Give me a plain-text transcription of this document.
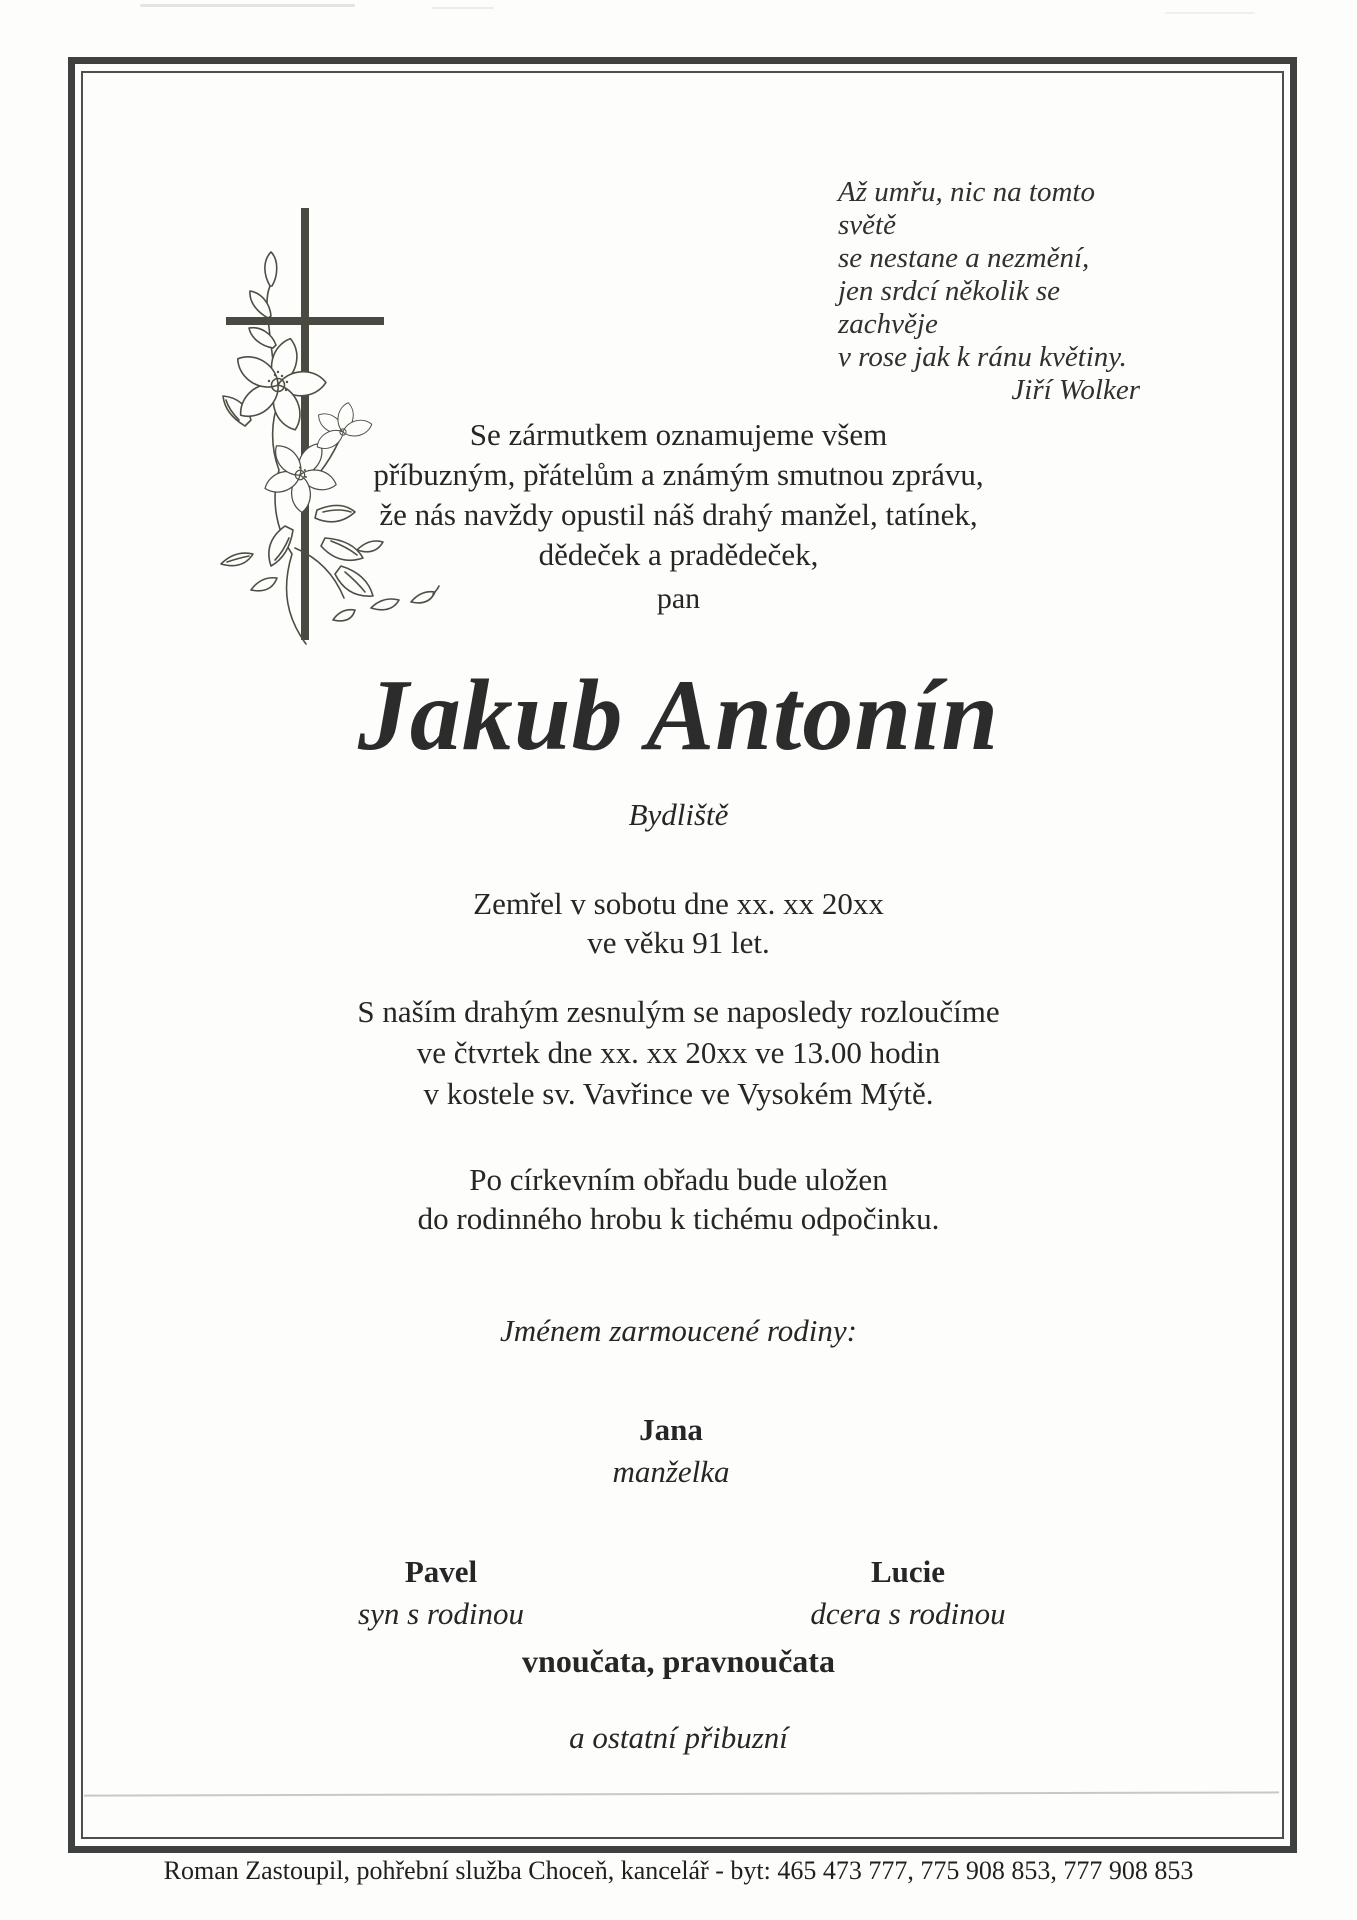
Až umřu, nic na tomto světě
se nestane a nezmění,
jen srdcí několik se zachvěje
v rose jak k ránu květiny.
Jiří Wolker
Se zármutkem oznamujeme všem
příbuzným, přátelům a známým smutnou zprávu,
že nás navždy opustil náš drahý manžel, tatínek,
dědeček a pradědeček,
pan
Jakub Antonín
Bydliště
Zemřel v sobotu dne xx. xx 20xx
ve věku 91 let.
S naším drahým zesnulým se naposledy rozloučíme
ve čtvrtek dne xx. xx 20xx ve 13.00 hodin
v kostele sv. Vavřince ve Vysokém Mýtě.
Po církevním obřadu bude uložen
do rodinného hrobu k tichému odpočinku.
Jménem zarmoucené rodiny:
Jana
manželka
Pavel
syn s rodinou
Lucie
dcera s rodinou
vnoučata, pravnoučata
a ostatní přibuzní
Roman Zastoupil, pohřební služba Choceň, kancelář - byt: 465 473 777, 775 908 853, 777 908 853
